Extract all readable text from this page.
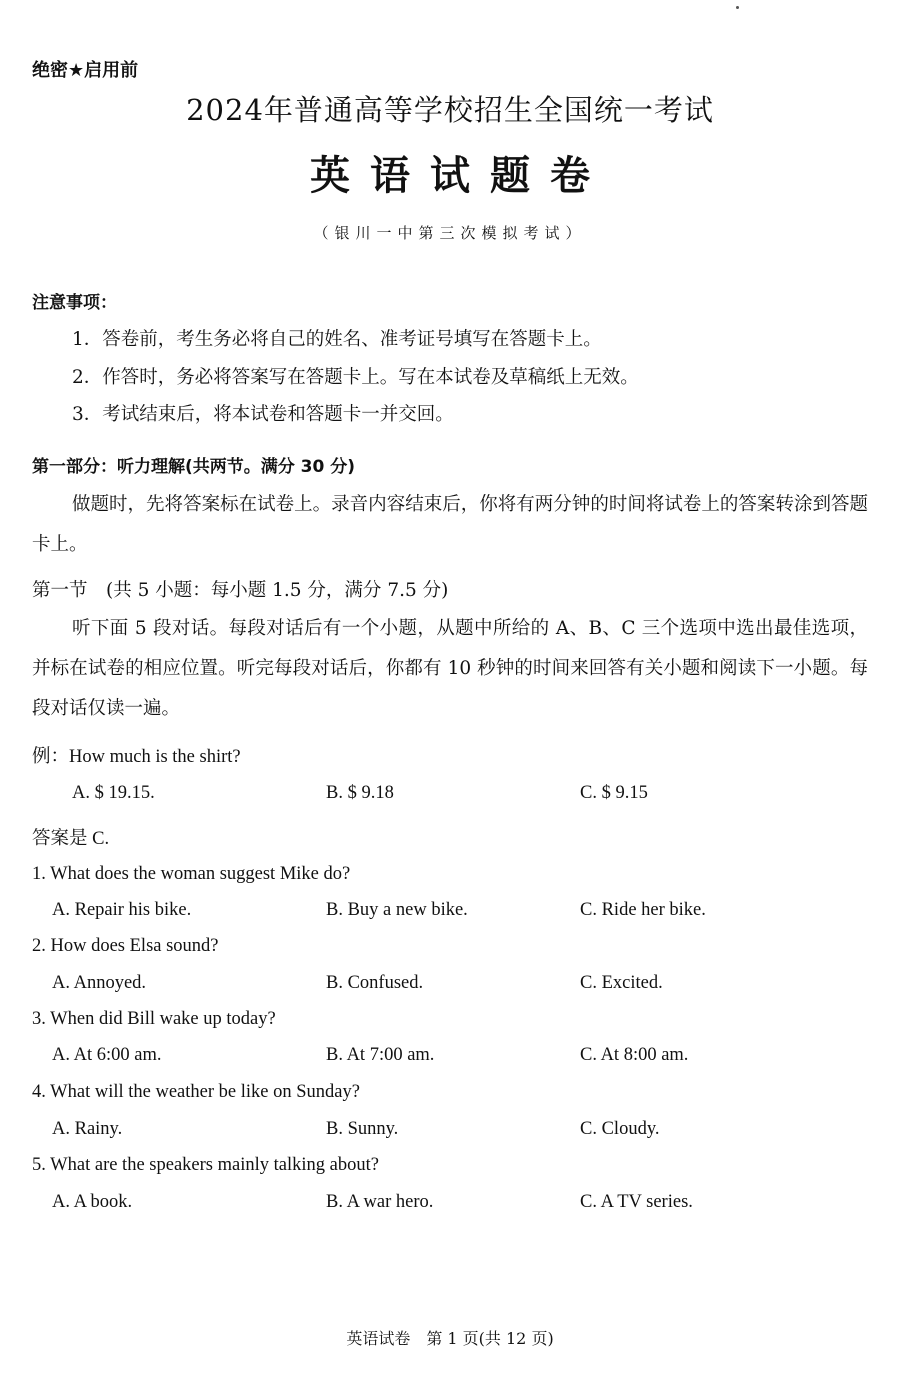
绝密★启用前
2024年普通高等学校招生全国统一考试
英语试题卷
（银川一中第三次模拟考试）
注意事项：
1．答卷前，考生务必将自己的姓名、准考证号填写在答题卡上。
2．作答时，务必将答案写在答题卡上。写在本试卷及草稿纸上无效。
3．考试结束后，将本试卷和答题卡一并交回。
第一部分：听力理解(共两节。满分 30 分)
做题时，先将答案标在试卷上。录音内容结束后，你将有两分钟的时间将试卷上的答案转涂到答题卡上。
第一节　(共 5 小题：每小题 1.5 分，满分 7.5 分)
听下面 5 段对话。每段对话后有一个小题，从题中所给的 A、B、C 三个选项中选出最佳选项，并标在试卷的相应位置。听完每段对话后，你都有 10 秒钟的时间来回答有关小题和阅读下一小题。每段对话仅读一遍。
例：How much is the shirt?
A. $ 19.15.	B. $ 9.18	C. $ 9.15
答案是 C.
1. What does the woman suggest Mike do?
A. Repair his bike.	B. Buy a new bike.	C. Ride her bike.
2. How does Elsa sound?
A. Annoyed.	B. Confused.	C. Excited.
3. When did Bill wake up today?
A. At 6:00 am.	B. At 7:00 am.	C. At 8:00 am.
4. What will the weather be like on Sunday?
A. Rainy.	B. Sunny.	C. Cloudy.
5. What are the speakers mainly talking about?
A. A book.	B. A war hero.	C. A TV series.
英语试卷　第 1 页(共 12 页)
